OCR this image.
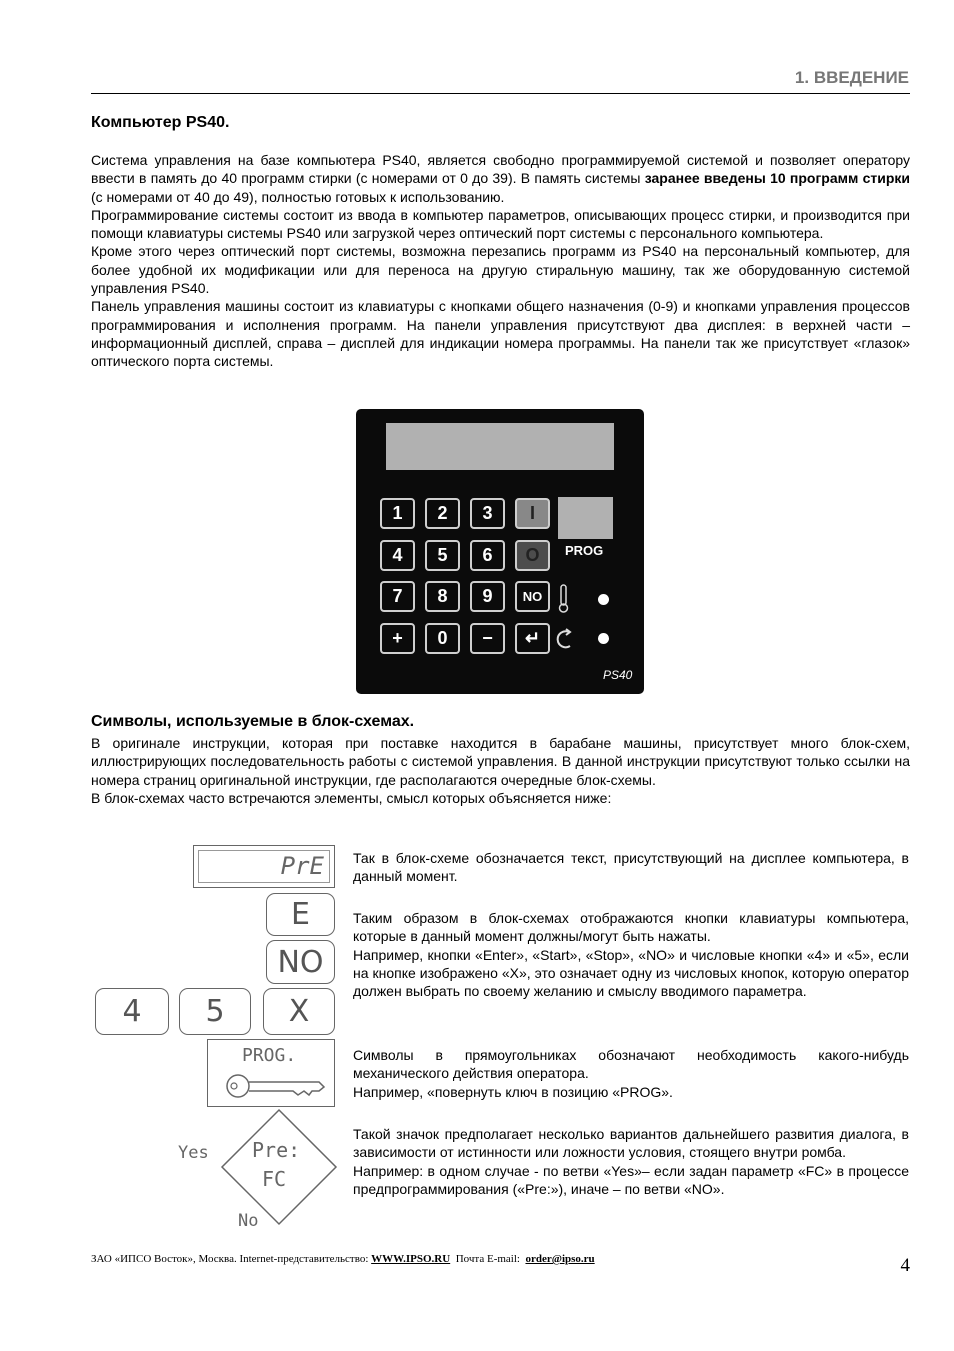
1. ВВЕДЕНИЕ
Компьютер PS40.

Система управления на базе компьютера PS40, является свободно программируемой системой и позволяет оператору ввести в память до 40 программ стирки (с номерами от 0 до 39). В память системы заранее введены 10 программ стирки (с номерами от 40 до 49), полностью готовых к использованию.

Программирование системы состоит из ввода в компьютер параметров, описывающих процесс стирки, и производится при помощи клавиатуры системы PS40 или загрузкой через оптический порт системы с персонального компьютера.

Кроме этого через оптический порт системы, возможна перезапись программ из PS40 на персональный компьютер, для более удобной их модификации или для переноса на другую стиральную машину, так же оборудованную системой управления PS40.

Панель управления машины состоит из клавиатуры с кнопками общего назначения (0-9) и кнопками управления процессов программирования и исполнения программ. На панели управления присутствуют два дисплея: в верхней части – информационный дисплей, справа – дисплей для индикации номера программы. На панели так же присутствует «глазок» оптического порта системы.

1	2	3	I
4	5	6	O
7	8	9	NO
+	0	−	↵
PROG
PS40
Символы, используемые в блок-схемах.

В оригинале инструкции, которая при поставке находится в барабане машины, присутствует много блок-схем, иллюстрирующих последовательность работы с системой управления. В данной инструкции присутствуют только ссылки на номера страниц оригинальной инструкции, где располагаются очередные блок-схемы.

В блок-схемах часто встречаются элементы, смысл которых объясняется ниже:

PrE
E
NO
4	5	X
PROG.
Pre:
FC
Yes
No
Так в блок-схеме обозначается текст, присутствующий на дисплее компьютера, в данный момент.

Таким образом в блок-схемах отображаются кнопки клавиатуры компьютера, которые в данный момент должны/могут быть нажаты.

Например, кнопки «Enter», «Start», «Stop», «NO» и числовые кнопки «4» и «5», если на кнопке изображено «X», это означает одну из числовых кнопок, которую оператор должен выбрать по своему желанию и смыслу вводимого параметра.

Символы в прямоугольниках обозначают необходимость какого-нибудь механического действия оператора.

Например, «повернуть ключ в позицию «PROG».

Такой значок предполагает несколько вариантов дальнейшего развития диалога, в зависимости от истинности или ложности условия, стоящего внутри ромба.

Например: в одном случае - по ветви «Yes»– если задан параметр «FC» в процессе предпрограммирования («Pre:»), иначе – по ветви «NO».

ЗАО «ИПСО Восток», Москва. Internet-представительство: WWW.IPSO.RU  Почта E-mail:  order@ipso.ru	4
